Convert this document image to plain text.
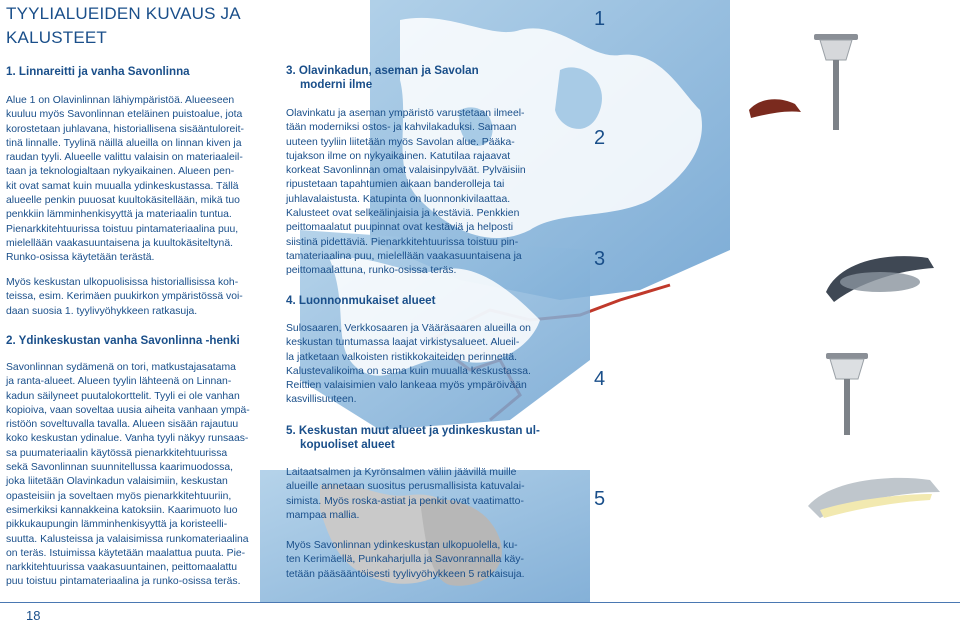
TYYLIALUEIDEN KUVAUS JA
KALUSTEET
1. Linnareitti ja vanha Savonlinna
Alue 1 on Olavinlinnan lähiympäristöä. Alueeseen
kuuluu myös Savonlinnan eteläinen puistoalue, jota
korostetaan juhlavana, historiallisena sisääntuloreit-
tinä linnalle. Tyylinä näillä alueilla on linnan kiven ja
raudan tyyli. Alueelle valittu valaisin on materiaaleil-
taan ja teknologialtaan nykyaikainen. Alueen pen-
kit ovat samat kuin muualla ydinkeskustassa. Tällä
alueelle penkin puuosat kuultokäsitellään, mikä tuo
penkkiin lämminhenkisyyttä ja materiaalin tuntua.
Pienarkkitehtuurissa toistuu pintamateriaalina puu,
mielellään vaakasuuntaisena ja kuultokäsiteltynä.
Runko-osissa käytetään terästä.
Myös keskustan ulkopuolisissa historiallisissa koh-
teissa, esim. Kerimäen puukirkon ympäristössä voi-
daan suosia 1. tyylivyöhykkeen ratkasuja.
2. Ydinkeskustan vanha Savonlinna -henki
Savonlinnan sydämenä on tori, matkustajasatama
ja ranta-alueet. Alueen tyylin lähteenä on Linnan-
kadun säilyneet puutalokorttelit. Tyyli ei ole vanhan
kopioiva, vaan soveltaa uusia aiheita vanhaan ympä-
ristöön soveltuvalla tavalla. Alueen sisään rajautuu
koko keskustan ydinalue. Vanha tyyli näkyy runsaas-
sa puumateriaalin käytössä pienarkkitehtuurissa
sekä Savonlinnan suunnitellussa kaarimuodossa,
joka liitetään Olavinkadun valaisimiin, keskustan
opasteisiin ja soveltaen myös pienarkkitehtuuriin,
esimerkiksi kannakkeina katoksiin. Kaarimuoto luo
pikkukaupungin lämminhenkisyyttä ja koristeelli-
suutta. Kalusteissa ja valaisimissa runkomateriaalina
on teräs. Istuimissa käytetään maalattua puuta. Pie-
narkkitehtuurissa vaakasuuntainen, peittomaalattu
puu toistuu pintamateriaalina ja runko-osissa teräs.
3. Olavinkadun, aseman ja Savolan
moderni ilme
Olavinkatu ja aseman ympäristö varustetaan ilmeel-
tään moderniksi ostos- ja kahvilakaduksi. Samaan
uuteen tyyliin liitetään myös Savolan alue. Pääka-
tujakson ilme on nykyaikainen. Katutilaa rajaavat
korkeat Savonlinnan omat valaisinpylväät. Pylväisiin
ripustetaan tapahtumien aikaan banderolleja tai
juhlavalaistusta. Katupinta on luonnonkivilaattaa.
Kalusteet ovat selkeälinjaisia ja kestäviä. Penkkien
peittomaalatut puupinnat ovat kestäviä ja helposti
siistinä pidettäviä. Pienarkkitehtuurissa toistuu pin-
tamateriaalina puu, mielellään vaakasuuntaisena ja
peittomaalattuna, runko-osissa teräs.
4. Luonnonmukaiset alueet
Sulosaaren, Verkkosaaren ja Vääräsaaren alueilla on
keskustan tuntumassa laajat virkistysalueet. Alueil-
la jatketaan valkoisten ristikkokaiteiden perinnettä.
Kalustevalikoima on sama kuin muualla keskustassa.
Reittien valaisimien valo lankeaa myös ympäröivään
kasvillisuuteen.
5. Keskustan muut alueet ja ydinkeskustan ul-
kopuoliset alueet
Laitaatsalmen ja Kyrönsalmen väliin jäävillä muille
alueille annetaan suositus perusmallisista katuvalai-
simista. Myös roska-astiat ja penkit ovat vaatimatto-
mampaa mallia.
Myös Savonlinnan ydinkeskustan ulkopuolella, ku-
ten Kerimäellä, Punkaharjulla ja Savonrannalla käy-
tetään pääsääntöisesti tyylivyöhykkeen 5 ratkaisuja.
1
2
3
4
5
18
